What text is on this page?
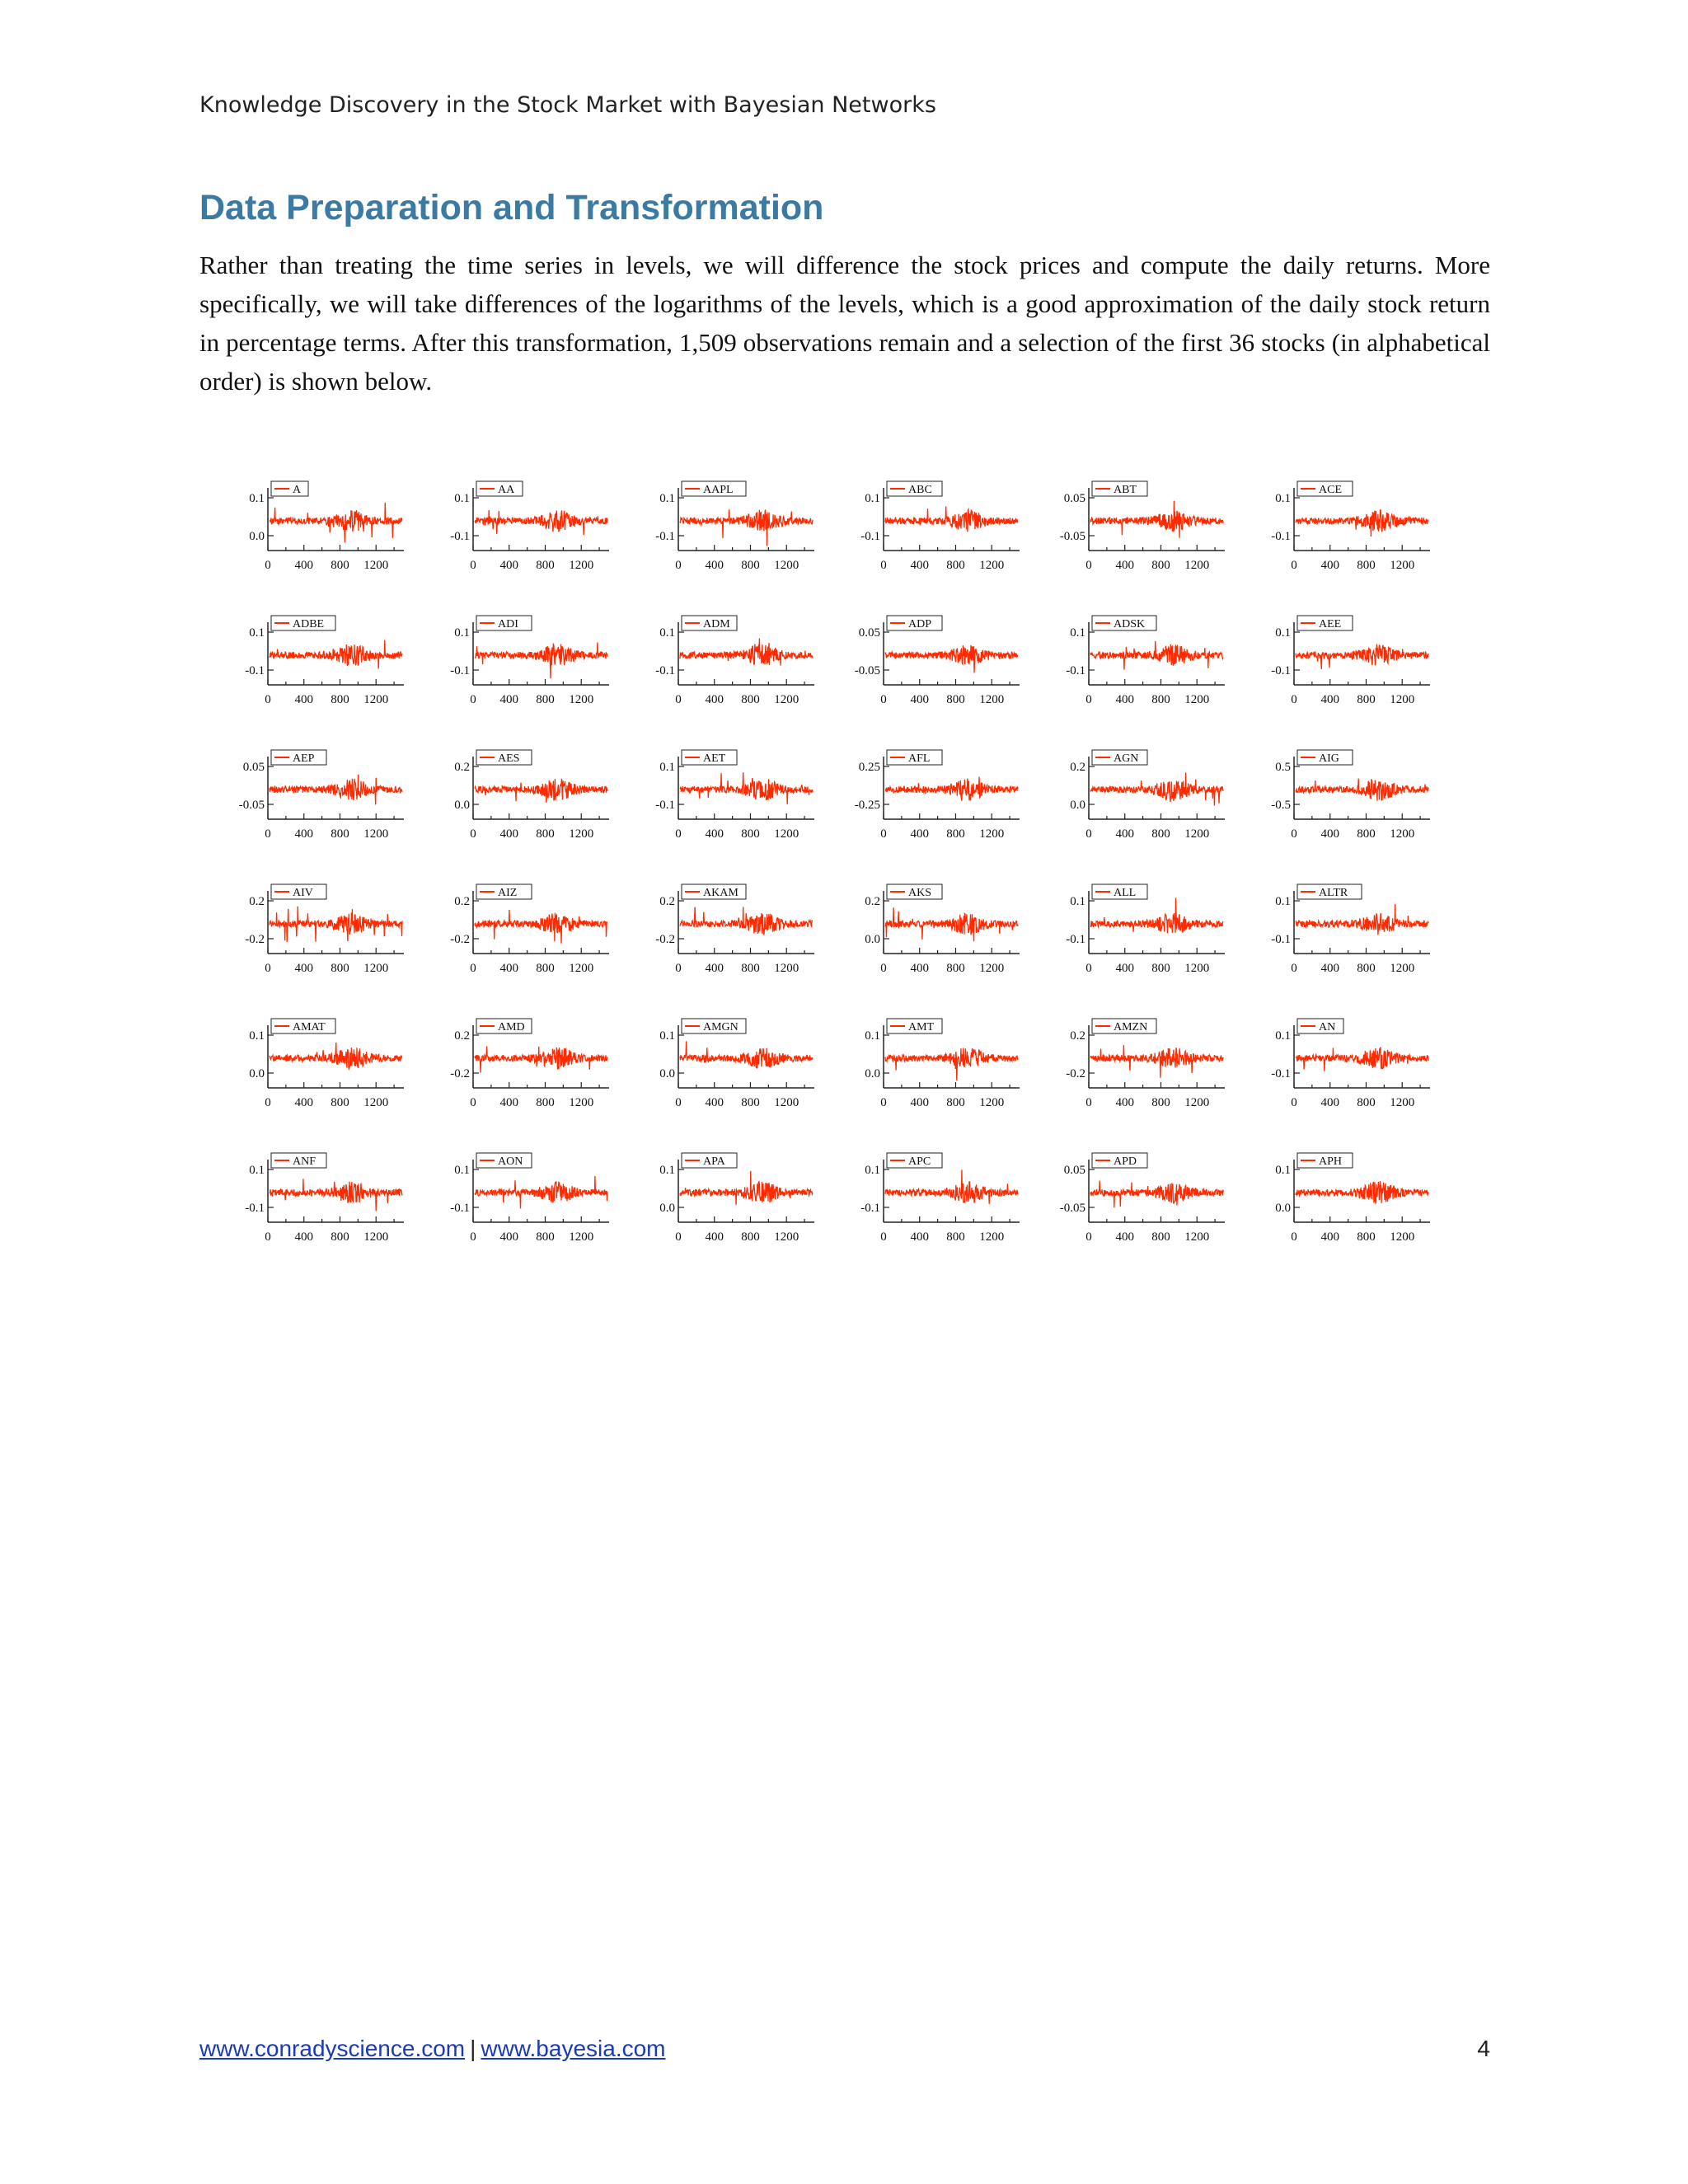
Knowledge Discovery in the Stock Market with Bayesian Networks
Data Preparation and Transformation

Rather than treating the time series in levels, we will difference the stock prices and compute the daily returns. More specifically, we will take differences of the logarithms of the levels, which is a good approximation of the daily stock return in percentage terms. After this transformation, 1,509 observations remain and a selection of the first 36 stocks (in alphabetical order) is shown below.

0 400 800 1200
0.1
0.0
A
0 400 800 1200
0.1
-0.1
AA
0 400 800 1200
0.1
-0.1
AAPL
0 400 800 1200
0.1
-0.1
ABC
0 400 800 1200
0.05
-0.05
ABT
0 400 800 1200
0.1
-0.1
ACE
0 400 800 1200
0.1
-0.1
ADBE
0 400 800 1200
0.1
-0.1
ADI
0 400 800 1200
0.1
-0.1
ADM
0 400 800 1200
0.05
-0.05
ADP
0 400 800 1200
0.1
-0.1
ADSK
0 400 800 1200
0.1
-0.1
AEE
0 400 800 1200
0.05
-0.05
AEP
0 400 800 1200
0.2
0.0
AES
0 400 800 1200
0.1
-0.1
AET
0 400 800 1200
0.25
-0.25
AFL
0 400 800 1200
0.2
0.0
AGN
0 400 800 1200
0.5
-0.5
AIG
0 400 800 1200
0.2
-0.2
AIV
0 400 800 1200
0.2
-0.2
AIZ
0 400 800 1200
0.2
-0.2
AKAM
0 400 800 1200
0.2
0.0
AKS
0 400 800 1200
0.1
-0.1
ALL
0 400 800 1200
0.1
-0.1
ALTR
0 400 800 1200
0.1
0.0
AMAT
0 400 800 1200
0.2
-0.2
AMD
0 400 800 1200
0.1
0.0
AMGN
0 400 800 1200
0.1
0.0
AMT
0 400 800 1200
0.2
-0.2
AMZN
0 400 800 1200
0.1
-0.1
AN
0 400 800 1200
0.1
-0.1
ANF
0 400 800 1200
0.1
-0.1
AON
0 400 800 1200
0.1
0.0
APA
0 400 800 1200
0.1
-0.1
APC
0 400 800 1200
0.05
-0.05
APD
0 400 800 1200
0.1
0.0
APH
www.conradyscience.com | www.bayesia.com	4
